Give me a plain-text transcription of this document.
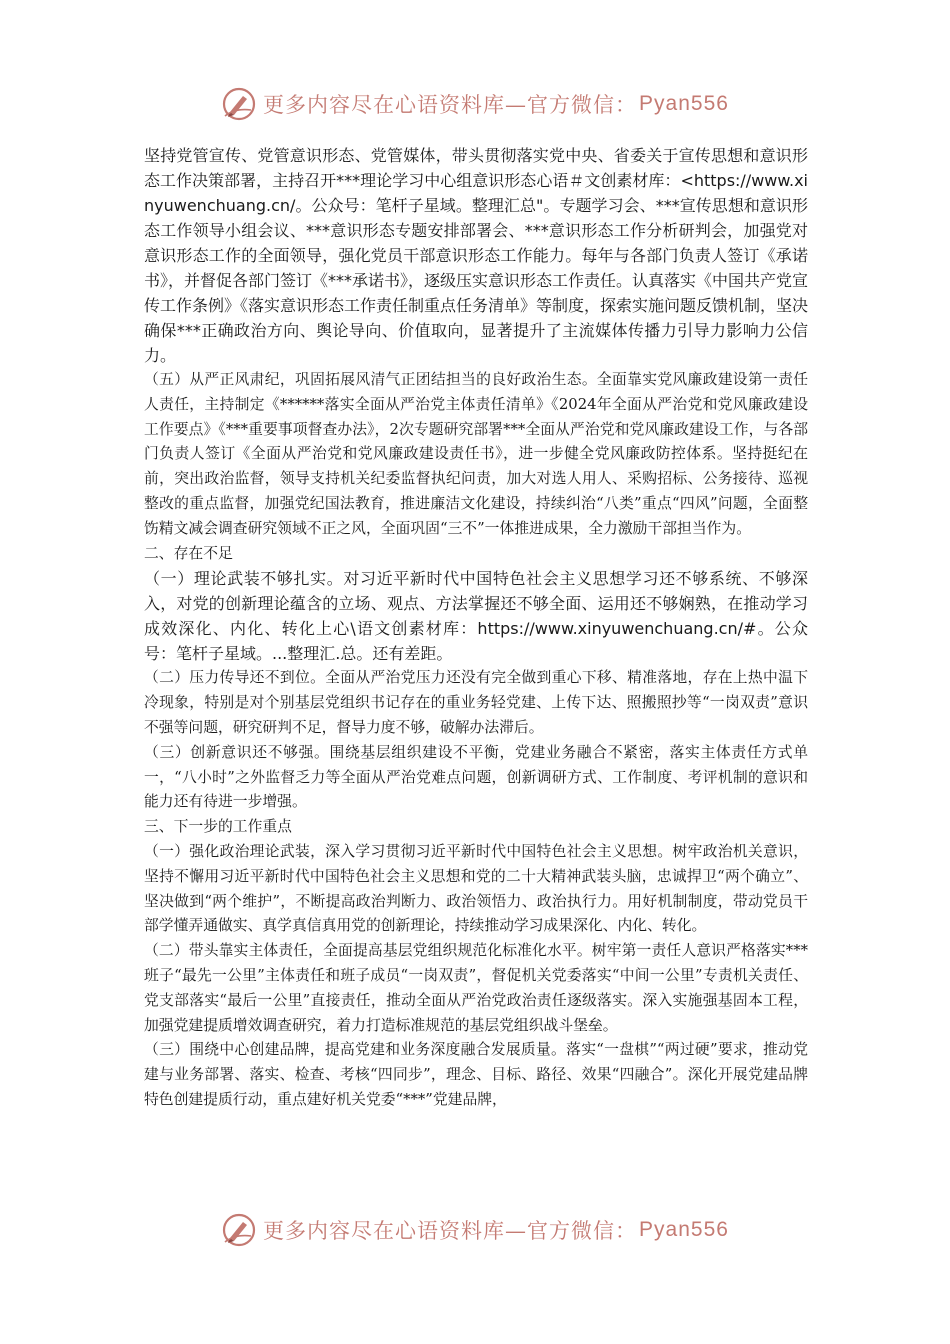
更多内容尽在心语资料库—官方微信： Pyan556

坚持党管宣传、党管意识形态、党管媒体，带头贯彻落实党中央、省委关于宣传思想和意识形态工作决策部署，主持召开***理论学习中心组意识形态心语＃文创素材库：<https://www.xinyuwenchuang.cn/。公众号：笔杆子星域。整理汇总"。专题学习会、***宣传思想和意识形态工作领导小组会议、***意识形态专题安排部署会、***意识形态工作分析研判会，加强党对意识形态工作的全面领导，强化党员干部意识形态工作能力。每年与各部门负责人签订《承诺书》，并督促各部门签订《***承诺书》，逐级压实意识形态工作责任。认真落实《中国共产党宣传工作条例》《落实意识形态工作责任制重点任务清单》等制度，探索实施问题反馈机制，坚决确保***正确政治方向、舆论导向、价值取向，显著提升了主流媒体传播力引导力影响力公信力。

（五）从严正风肃纪，巩固拓展风清气正团结担当的良好政治生态。全面靠实党风廉政建设第一责任人责任，主持制定《******落实全面从严治党主体责任清单》《2024年全面从严治党和党风廉政建设工作要点》《***重要事项督查办法》，2次专题研究部署***全面从严治党和党风廉政建设工作，与各部门负责人签订《全面从严治党和党风廉政建设责任书》，进一步健全党风廉政防控体系。坚持挺纪在前，突出政治监督，领导支持机关纪委监督执纪问责，加大对选人用人、采购招标、公务接待、巡视整改的重点监督，加强党纪国法教育，推进廉洁文化建设，持续纠治“八类”重点“四风”问题，全面整饬精文减会调查研究领域不正之风，全面巩固“三不”一体推进成果，全力激励干部担当作为。

二、存在不足

（一）理论武装不够扎实。对习近平新时代中国特色社会主义思想学习还不够系统、不够深入，对党的创新理论蕴含的立场、观点、方法掌握还不够全面、运用还不够娴熟，在推动学习成效深化、内化、转化上心\语文创素材库：https://www.xinyuwenchuang.cn/#。公众号：笔杆子星域。...整理汇.总。还有差距。

（二）压力传导还不到位。全面从严治党压力还没有完全做到重心下移、精准落地，存在上热中温下冷现象，特别是对个别基层党组织书记存在的重业务轻党建、上传下达、照搬照抄等“一岗双责”意识不强等问题，研究研判不足，督导力度不够，破解办法滞后。

（三）创新意识还不够强。围绕基层组织建设不平衡，党建业务融合不紧密，落实主体责任方式单一，“八小时”之外监督乏力等全面从严治党难点问题，创新调研方式、工作制度、考评机制的意识和能力还有待进一步增强。

三、下一步的工作重点

（一）强化政治理论武装，深入学习贯彻习近平新时代中国特色社会主义思想。树牢政治机关意识，坚持不懈用习近平新时代中国特色社会主义思想和党的二十大精神武装头脑，忠诚捍卫“两个确立”、坚决做到“两个维护”，不断提高政治判断力、政治领悟力、政治执行力。用好机制制度，带动党员干部学懂弄通做实、真学真信真用党的创新理论，持续推动学习成果深化、内化、转化。

（二）带头靠实主体责任，全面提高基层党组织规范化标准化水平。树牢第一责任人意识严格落实***班子“最先一公里”主体责任和班子成员“一岗双责”，督促机关党委落实“中间一公里”专责机关责任、党支部落实“最后一公里”直接责任，推动全面从严治党政治责任逐级落实。深入实施强基固本工程，加强党建提质增效调查研究，着力打造标准规范的基层党组织战斗堡垒。

（三）围绕中心创建品牌，提高党建和业务深度融合发展质量。落实“一盘棋”“两过硬”要求，推动党建与业务部署、落实、检查、考核“四同步”，理念、目标、路径、效果“四融合”。深化开展党建品牌特色创建提质行动，重点建好机关党委“***”党建品牌，

更多内容尽在心语资料库—官方微信： Pyan556
